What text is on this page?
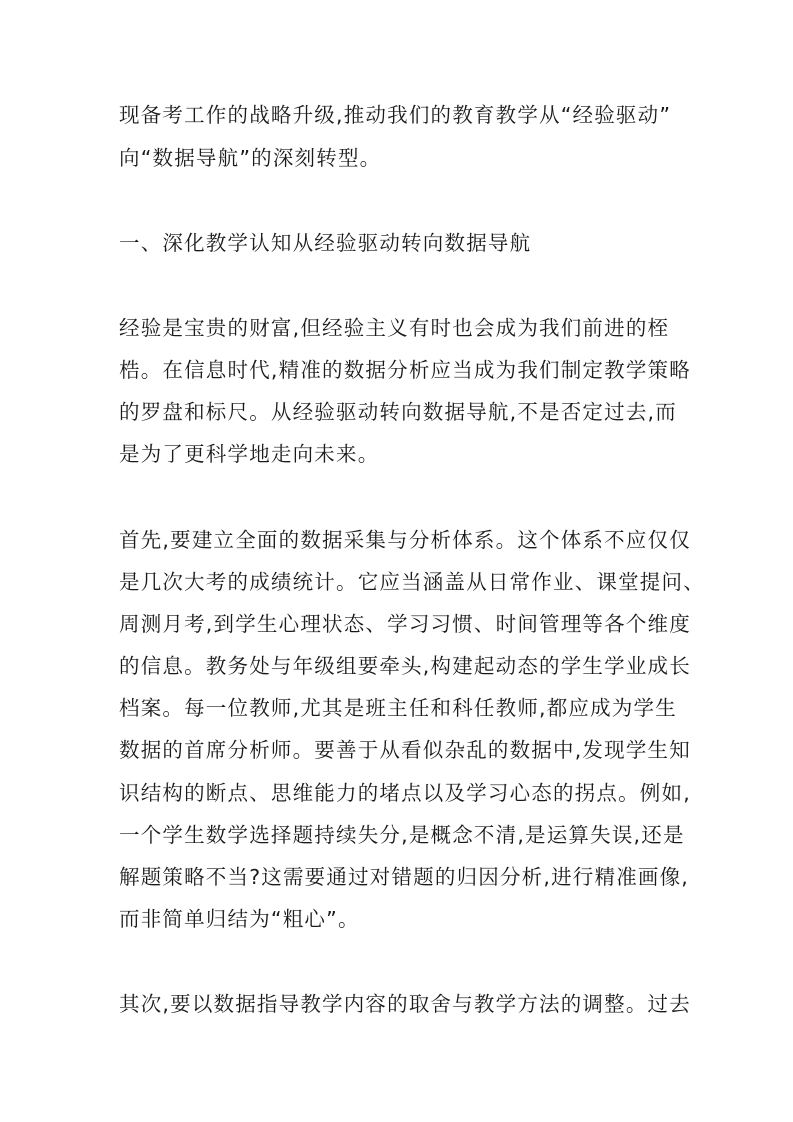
现备考工作的战略升级,推动我们的教育教学从“经验驱动”
向“数据导航”的深刻转型。
一、深化教学认知从经验驱动转向数据导航
经验是宝贵的财富,但经验主义有时也会成为我们前进的桎
梏。在信息时代,精准的数据分析应当成为我们制定教学策略
的罗盘和标尺。从经验驱动转向数据导航,不是否定过去,而
是为了更科学地走向未来。
首先,要建立全面的数据采集与分析体系。这个体系不应仅仅
是几次大考的成绩统计。它应当涵盖从日常作业、课堂提问、
周测月考,到学生心理状态、学习习惯、时间管理等各个维度
的信息。教务处与年级组要牵头,构建起动态的学生学业成长
档案。每一位教师,尤其是班主任和科任教师,都应成为学生
数据的首席分析师。要善于从看似杂乱的数据中,发现学生知
识结构的断点、思维能力的堵点以及学习心态的拐点。例如,
一个学生数学选择题持续失分,是概念不清,是运算失误,还是
解题策略不当?这需要通过对错题的归因分析,进行精准画像,
而非简单归结为“粗心”。
其次,要以数据指导教学内容的取舍与教学方法的调整。过去
